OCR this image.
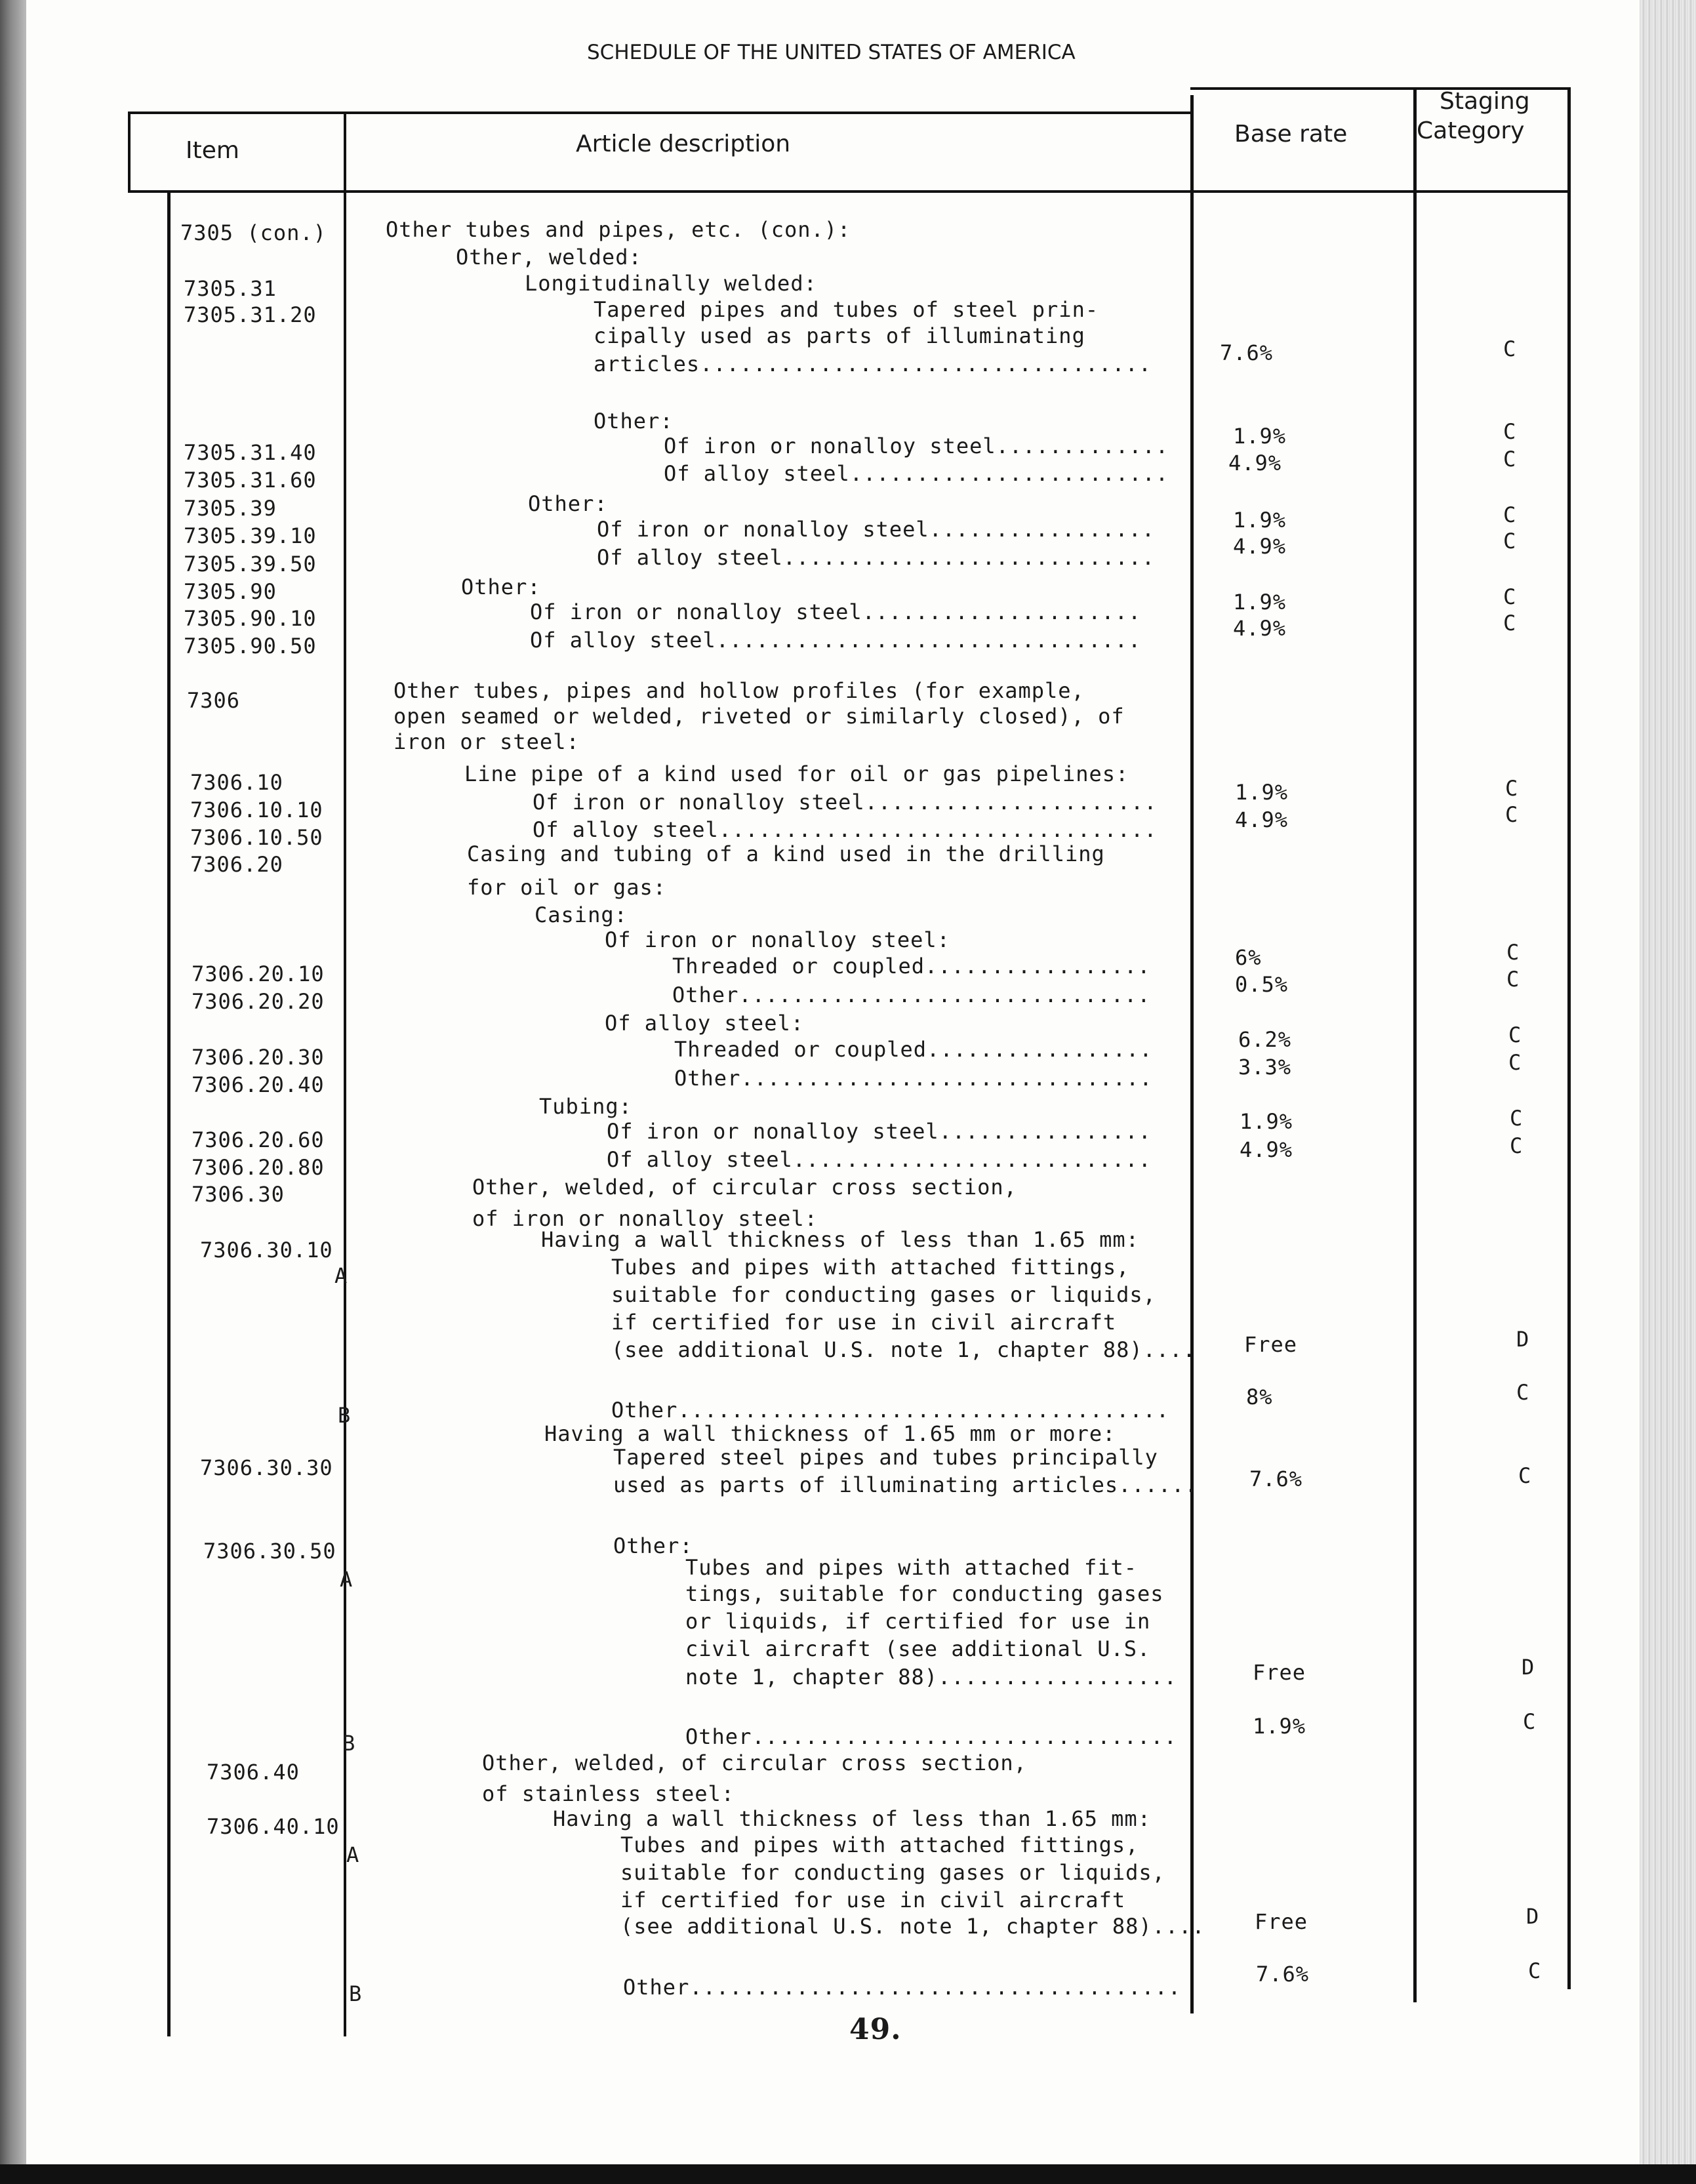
SCHEDULE OF THE UNITED STATES OF AMERICA
Item	Article description	Base rate
Staging
Category
7305 (con.)
7305.31
7305.31.20
7305.31.40
7305.31.60
7305.39
7305.39.10
7305.39.50
7305.90
7305.90.10
7305.90.50
7306
7306.10
7306.10.10
7306.10.50
7306.20
7306.20.10
7306.20.20
7306.20.30
7306.20.40
7306.20.60
7306.20.80
7306.30
7306.30.10
A
B
7306.30.30
7306.30.50
A
B
7306.40
7306.40.10
A
Other tubes and pipes, etc. (con.):
Other, welded:
Longitudinally welded:
Tapered pipes and tubes of steel prin-
cipally used as parts of illuminating
articles..................................
Other:
Of iron or nonalloy steel.............
Of alloy steel........................
Other:
Of iron or nonalloy steel.................
Of alloy steel............................
Other:
Of iron or nonalloy steel.....................
Of alloy steel................................
Other tubes, pipes and hollow profiles (for example,
open seamed or welded, riveted or similarly closed), of
iron or steel:
Line pipe of a kind used for oil or gas pipelines:
Of iron or nonalloy steel......................
Of alloy steel.................................
Casing and tubing of a kind used in the drilling
for oil or gas:
Casing:
Of iron or nonalloy steel:
Threaded or coupled.................
Other...............................
Of alloy steel:
Threaded or coupled.................
Other...............................
Tubing:
Of iron or nonalloy steel................
Of alloy steel...........................
Other, welded, of circular cross section,
of iron or nonalloy steel:
Having a wall thickness of less than 1.65 mm:
Tubes and pipes with attached fittings,
suitable for conducting gases or liquids,
if certified for use in civil aircraft
(see additional U.S. note 1, chapter 88)....
Other.....................................
Having a wall thickness of 1.65 mm or more:
Tapered steel pipes and tubes principally
used as parts of illuminating articles......
Other:
Tubes and pipes with attached fit-
tings, suitable for conducting gases
or liquids, if certified for use in
civil aircraft (see additional U.S.
note 1, chapter 88)..................
Other................................
Other, welded, of circular cross section,
of stainless steel:
Having a wall thickness of less than 1.65 mm:
Tubes and pipes with attached fittings,
suitable for conducting gases or liquids,
if certified for use in civil aircraft
(see additional U.S. note 1, chapter 88)....
Other.....................................
B
7.6%
1.9%
4.9%
1.9%
4.9%
1.9%
4.9%
1.9%
4.9%
6%
0.5%
6.2%
3.3%
1.9%
4.9%
Free
8%
7.6%
Free
1.9%
Free
7.6%
C
C
C
C
C
C
C
C
C
C
C
C
C
C
C
D
C
C
D
C
D
C
49.
